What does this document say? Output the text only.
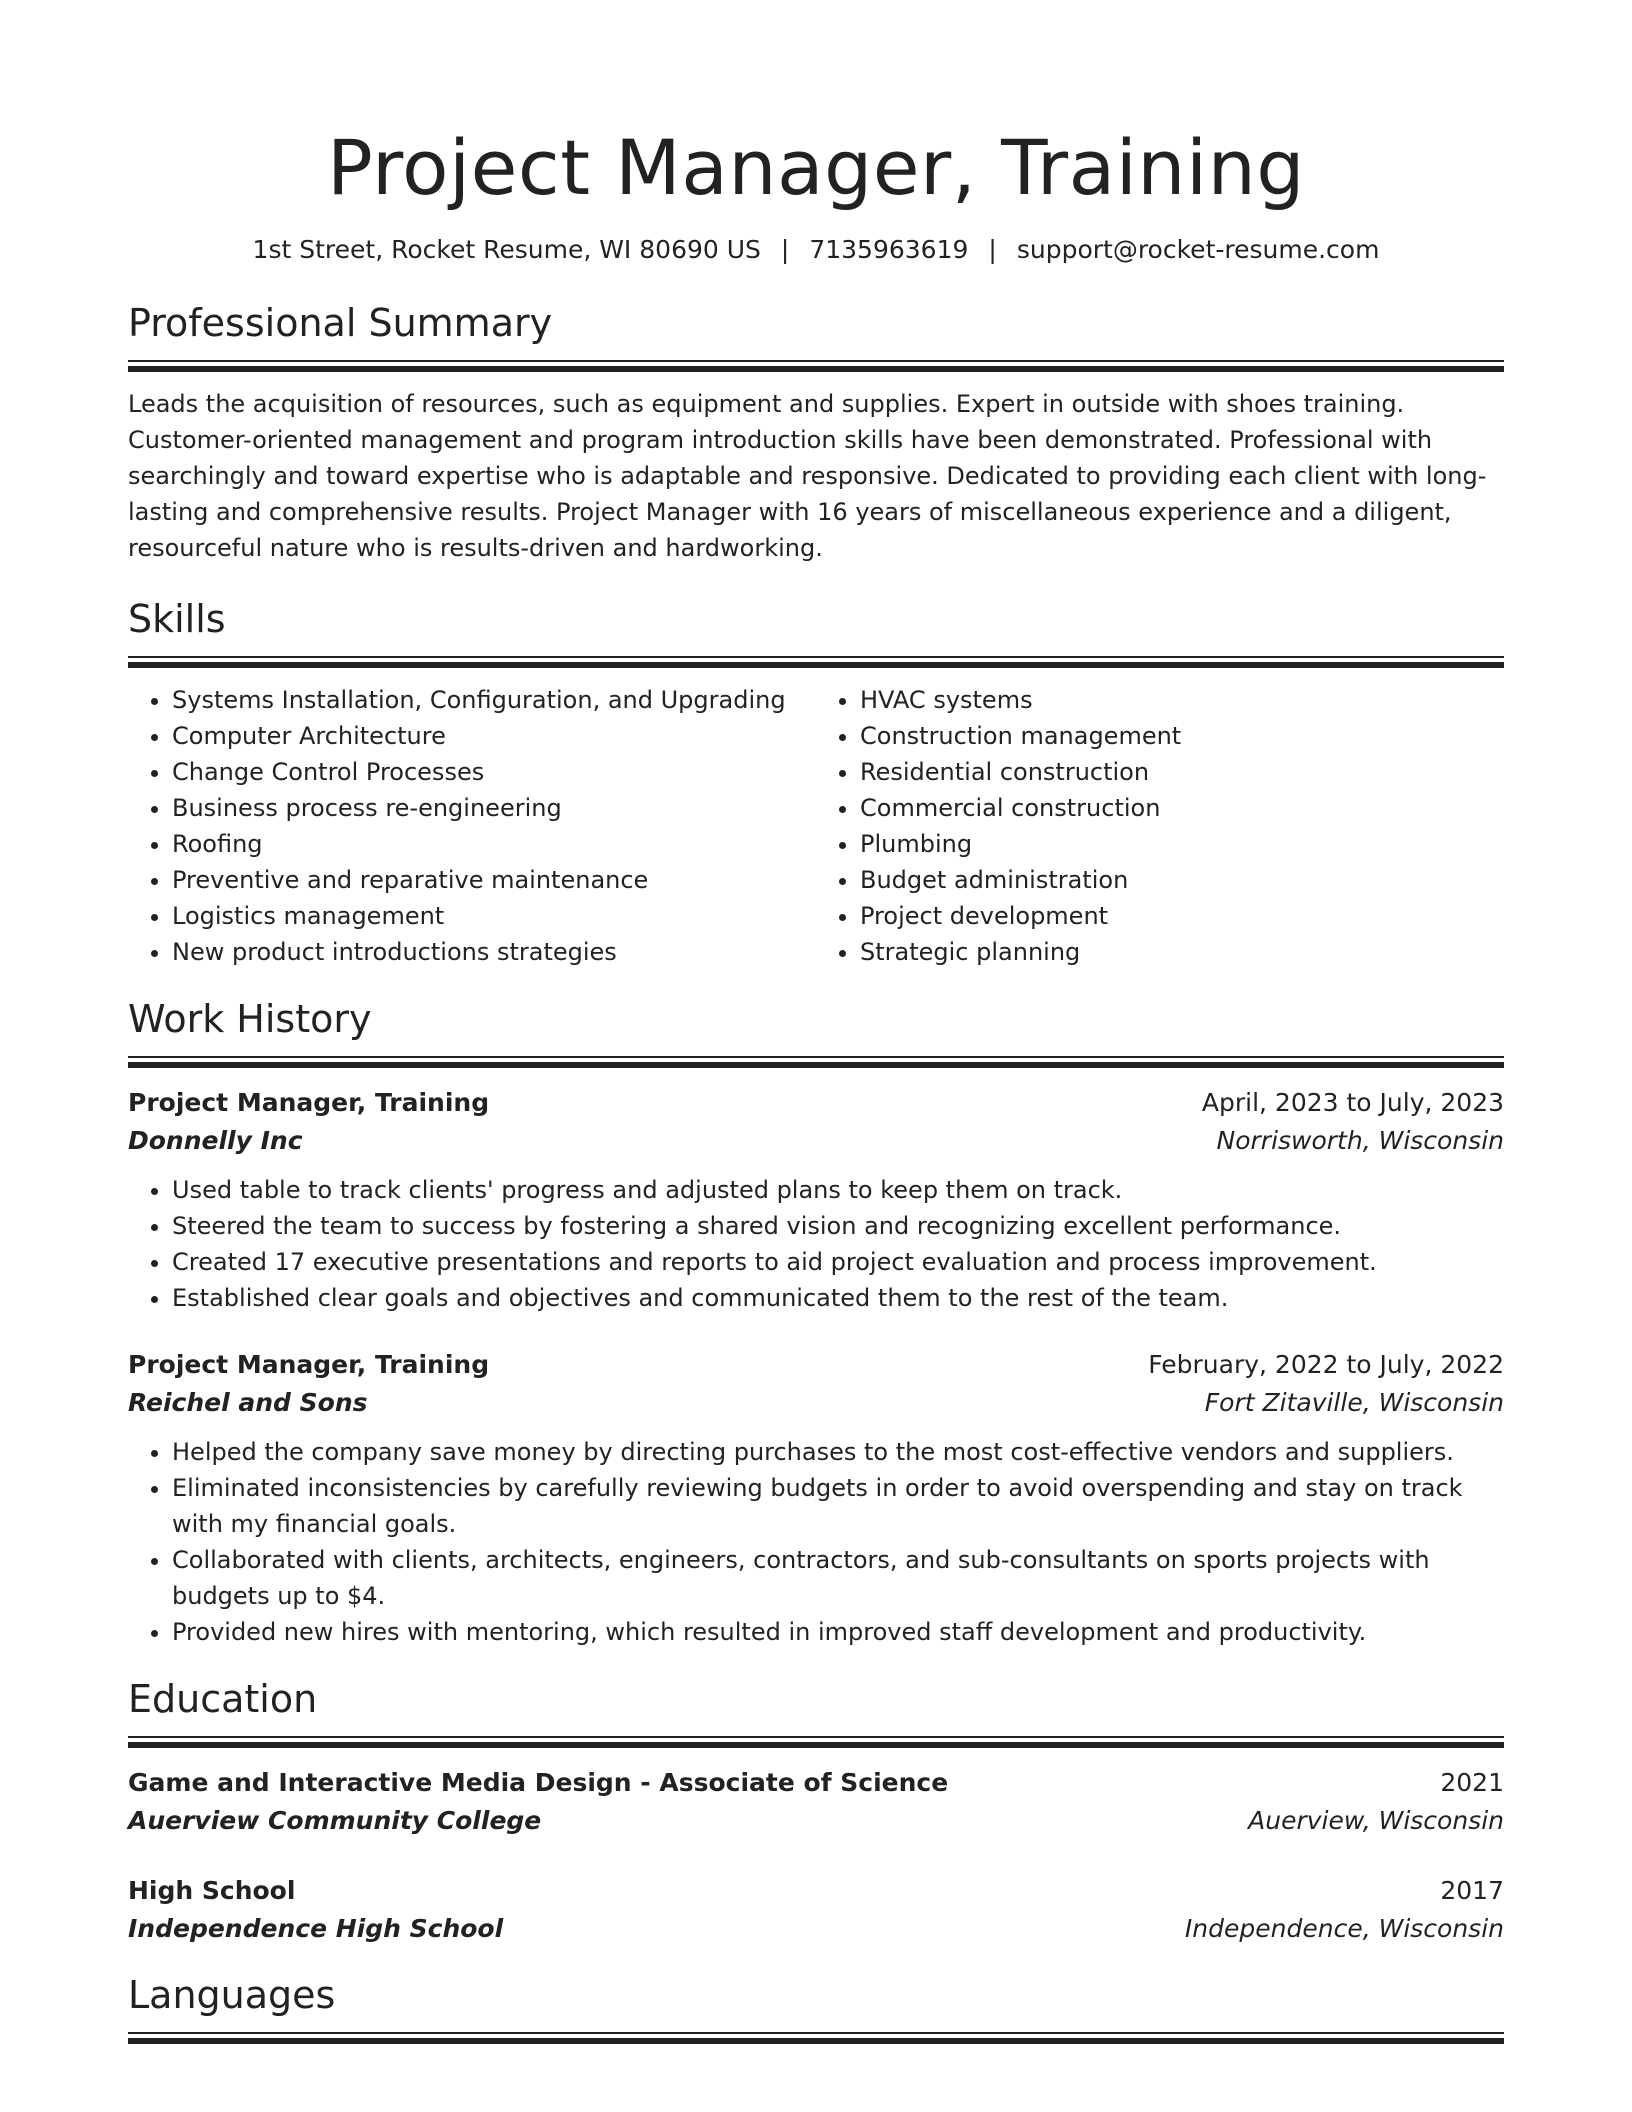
Project Manager, Training
1st Street, Rocket Resume, WI 80690 US | 7135963619 | support@rocket-resume.com
Professional Summary

Leads the acquisition of resources, such as equipment and supplies. Expert in outside with shoes training. Customer-oriented management and program introduction skills have been demonstrated. Professional with searchingly and toward expertise who is adaptable and responsive. Dedicated to providing each client with long-lasting and comprehensive results. Project Manager with 16 years of miscellaneous experience and a diligent, resourceful nature who is results-driven and hardworking.

Skills
• Systems Installation, Configuration, and Upgrading
• Computer Architecture
• Change Control Processes
• Business process re-engineering
• Roofing
• Preventive and reparative maintenance
• Logistics management
• New product introductions strategies
• HVAC systems
• Construction management
• Residential construction
• Commercial construction
• Plumbing
• Budget administration
• Project development
• Strategic planning
Work History
Project Manager, Training	April, 2023 to July, 2023
Donnelly Inc	Norrisworth, Wisconsin
• Used table to track clients' progress and adjusted plans to keep them on track.
• Steered the team to success by fostering a shared vision and recognizing excellent performance.
• Created 17 executive presentations and reports to aid project evaluation and process improvement.
• Established clear goals and objectives and communicated them to the rest of the team.
Project Manager, Training	February, 2022 to July, 2022
Reichel and Sons	Fort Zitaville, Wisconsin
• Helped the company save money by directing purchases to the most cost-effective vendors and suppliers.
• Eliminated inconsistencies by carefully reviewing budgets in order to avoid overspending and stay on track with my financial goals.
• Collaborated with clients, architects, engineers, contractors, and sub-consultants on sports projects with budgets up to $4.
• Provided new hires with mentoring, which resulted in improved staff development and productivity.
Education
Game and Interactive Media Design - Associate of Science	2021
Auerview Community College	Auerview, Wisconsin
High School	2017
Independence High School	Independence, Wisconsin
Languages
